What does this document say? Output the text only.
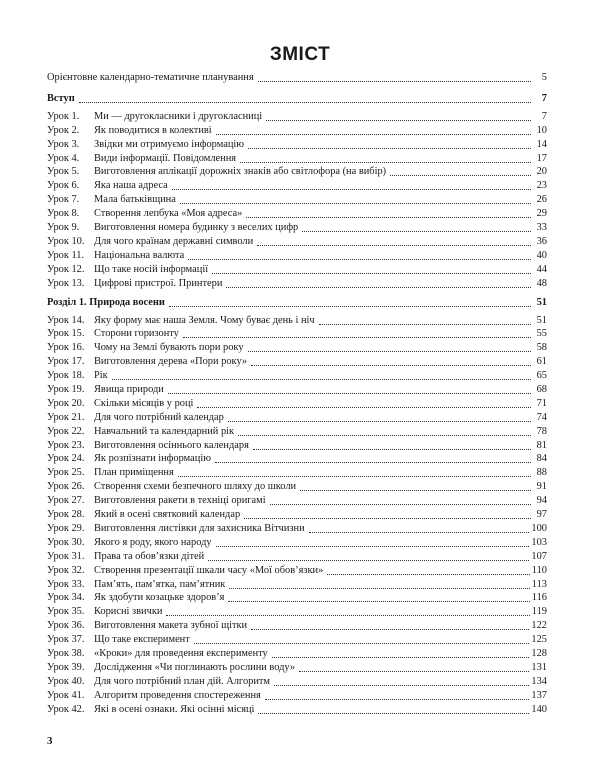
ЗМІСТ
Орієнтовне календарно-тематичне планування	5
Вступ	7
Урок 1.	Ми — другокласники і другокласниці	7
Урок 2.	Як поводитися в колективі	10
Урок 3.	Звідки ми отримуємо інформацію	14
Урок 4.	Види інформації. Повідомлення	17
Урок 5.	Виготовлення аплікації дорожніх знаків або світлофора (на вибір)	20
Урок 6.	Яка наша адреса	23
Урок 7.	Мала батьківщина	26
Урок 8.	Створення лепбука «Моя адреса»	29
Урок 9.	Виготовлення номера будинку з веселих цифр	33
Урок 10. Для чого країнам державні символи	36
Урок 11. Національна валюта	40
Урок 12. Що таке носій інформації	44
Урок 13. Цифрові пристрої. Принтери	48
Розділ 1. Природа восени	51
Урок 14. Яку форму має наша Земля. Чому буває день і ніч	51
Урок 15. Сторони горизонту	55
Урок 16. Чому на Землі бувають пори року	58
Урок 17. Виготовлення дерева «Пори року»	61
Урок 18. Рік	65
Урок 19. Явища природи	68
Урок 20. Скільки місяців у році	71
Урок 21. Для чого потрібний календар	74
Урок 22. Навчальний та календарний рік	78
Урок 23. Виготовлення осіннього календаря	81
Урок 24. Як розпізнати інформацію	84
Урок 25. План приміщення	88
Урок 26. Створення схеми безпечного шляху до школи	91
Урок 27. Виготовлення ракети в техніці оригамі	94
Урок 28. Який в осені святковий календар	97
Урок 29. Виготовлення листівки для захисника Вітчизни	100
Урок 30. Якого я роду, якого народу	103
Урок 31. Права та обов’язки дітей	107
Урок 32. Створення презентації шкали часу «Мої обов’язки»	110
Урок 33. Пам’ять, пам’ятка, пам’ятник	113
Урок 34. Як здобути козацьке здоров’я	116
Урок 35. Корисні звички	119
Урок 36. Виготовлення макета зубної щітки	122
Урок 37. Що таке експеримент	125
Урок 38. «Кроки» для проведення експерименту	128
Урок 39. Дослідження «Чи поглинають рослини воду»	131
Урок 40. Для чого потрібний план дій. Алгоритм	134
Урок 41. Алгоритм проведення спостереження	137
Урок 42. Які в осені ознаки. Які осінні місяці	140
3
